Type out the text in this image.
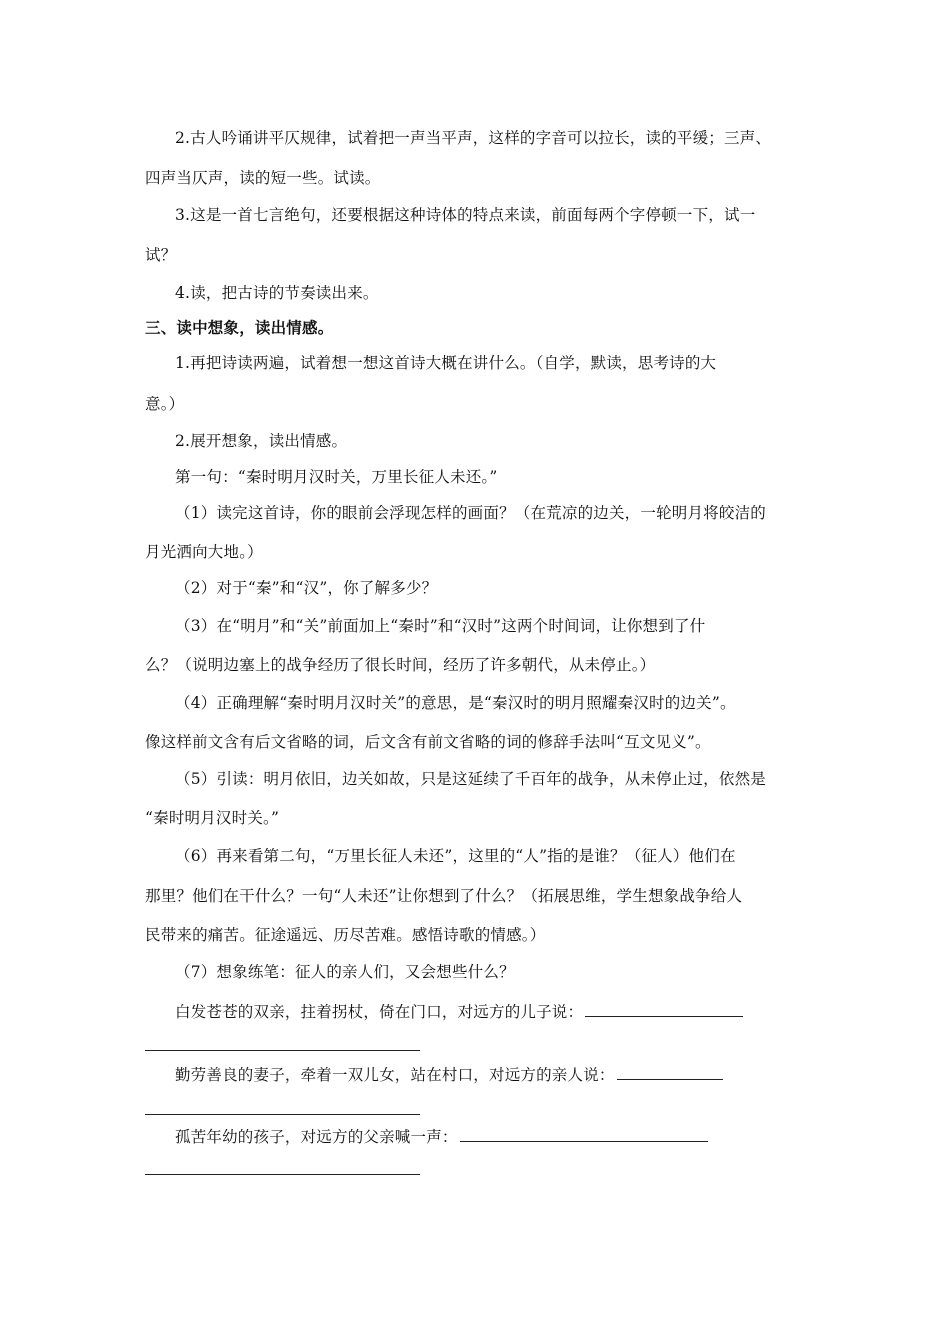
2.古人吟诵讲平仄规律，试着把一声当平声，这样的字音可以拉长，读的平缓；三声、
四声当仄声，读的短一些。试读。
3.这是一首七言绝句，还要根据这种诗体的特点来读，前面每两个字停顿一下，试一
试？
4.读，把古诗的节奏读出来。
三、读中想象，读出情感。
1.再把诗读两遍，试着想一想这首诗大概在讲什么。（自学，默读，思考诗的大
意。）
2.展开想象，读出情感。
第一句：“秦时明月汉时关，万里长征人未还。”
（1）读完这首诗，你的眼前会浮现怎样的画面？（在荒凉的边关，一轮明月将皎洁的
月光洒向大地。）
（2）对于“秦”和“汉”，你了解多少？
（3）在“明月”和“关”前面加上“秦时”和“汉时”这两个时间词，让你想到了什
么？（说明边塞上的战争经历了很长时间，经历了许多朝代，从未停止。）
（4）正确理解“秦时明月汉时关”的意思，是“秦汉时的明月照耀秦汉时的边关”。
像这样前文含有后文省略的词，后文含有前文省略的词的修辞手法叫“互文见义”。
（5）引读：明月依旧，边关如故，只是这延续了千百年的战争，从未停止过，依然是
“秦时明月汉时关。”
（6）再来看第二句，“万里长征人未还”，这里的“人”指的是谁？（征人）他们在
那里？他们在干什么？一句“人未还”让你想到了什么？（拓展思维，学生想象战争给人
民带来的痛苦。征途遥远、历尽苦难。感悟诗歌的情感。）
（7）想象练笔：征人的亲人们，又会想些什么？
白发苍苍的双亲，拄着拐杖，倚在门口，对远方的儿子说：
勤劳善良的妻子，牵着一双儿女，站在村口，对远方的亲人说：
孤苦年幼的孩子，对远方的父亲喊一声：
